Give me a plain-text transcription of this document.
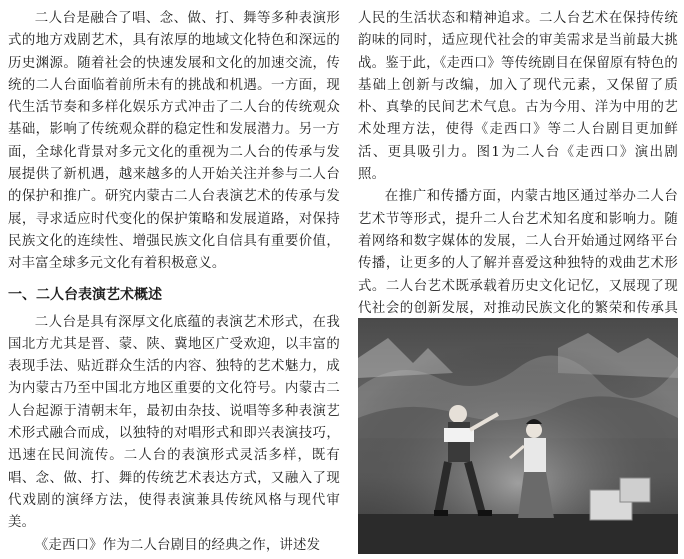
二人台是融合了唱、念、做、打、舞等多种表演形式的地方戏剧艺术，具有浓厚的地域文化特色和深远的历史渊源。随着社会的快速发展和文化的加速交流，传统的二人台面临着前所未有的挑战和机遇。一方面，现代生活节奏和多样化娱乐方式冲击了二人台的传统观众基础，影响了传统观众群的稳定性和发展潜力。另一方面，全球化背景对多元文化的重视为二人台的传承与发展提供了新机遇，越来越多的人开始关注并参与二人台的保护和推广。研究内蒙古二人台表演艺术的传承与发展，寻求适应时代变化的保护策略和发展道路，对保持民族文化的连续性、增强民族文化自信具有重要价值，对丰富全球多元文化有着积极意义。

一、二人台表演艺术概述

二人台是具有深厚文化底蕴的表演艺术形式，在我国北方尤其是晋、蒙、陕、冀地区广受欢迎，以丰富的表现手法、贴近群众生活的内容、独特的艺术魅力，成为内蒙古乃至中国北方地区重要的文化符号。内蒙古二人台起源于清朝末年，最初由杂技、说唱等多种表演艺术形式融合而成，以独特的对唱形式和即兴表演技巧，迅速在民间流传。二人台的表演形式灵活多样，既有唱、念、做、打、舞的传统艺术表达方式，又融入了现代戏剧的演绎方法，使得表演兼具传统风格与现代审美。

《走西口》作为二人台剧目的经典之作，讲述发

人民的生活状态和精神追求。二人台艺术在保持传统韵味的同时，适应现代社会的审美需求是当前最大挑战。鉴于此，《走西口》等传统剧目在保留原有特色的基础上创新与改编，加入了现代元素，又保留了质朴、真挚的民间艺术气息。古为今用、洋为中用的艺术处理方法，使得《走西口》等二人台剧目更加鲜活、更具吸引力。图1为二人台《走西口》演出剧照。

在推广和传播方面，内蒙古地区通过举办二人台艺术节等形式，提升二人台艺术知名度和影响力。随着网络和数字媒体的发展，二人台开始通过网络平台传播，让更多的人了解并喜爱这种独特的戏曲艺术形式。二人台艺术既承载着历史文化记忆，又展现了现代社会的创新发展，对推动民族文化的繁荣和传承具
